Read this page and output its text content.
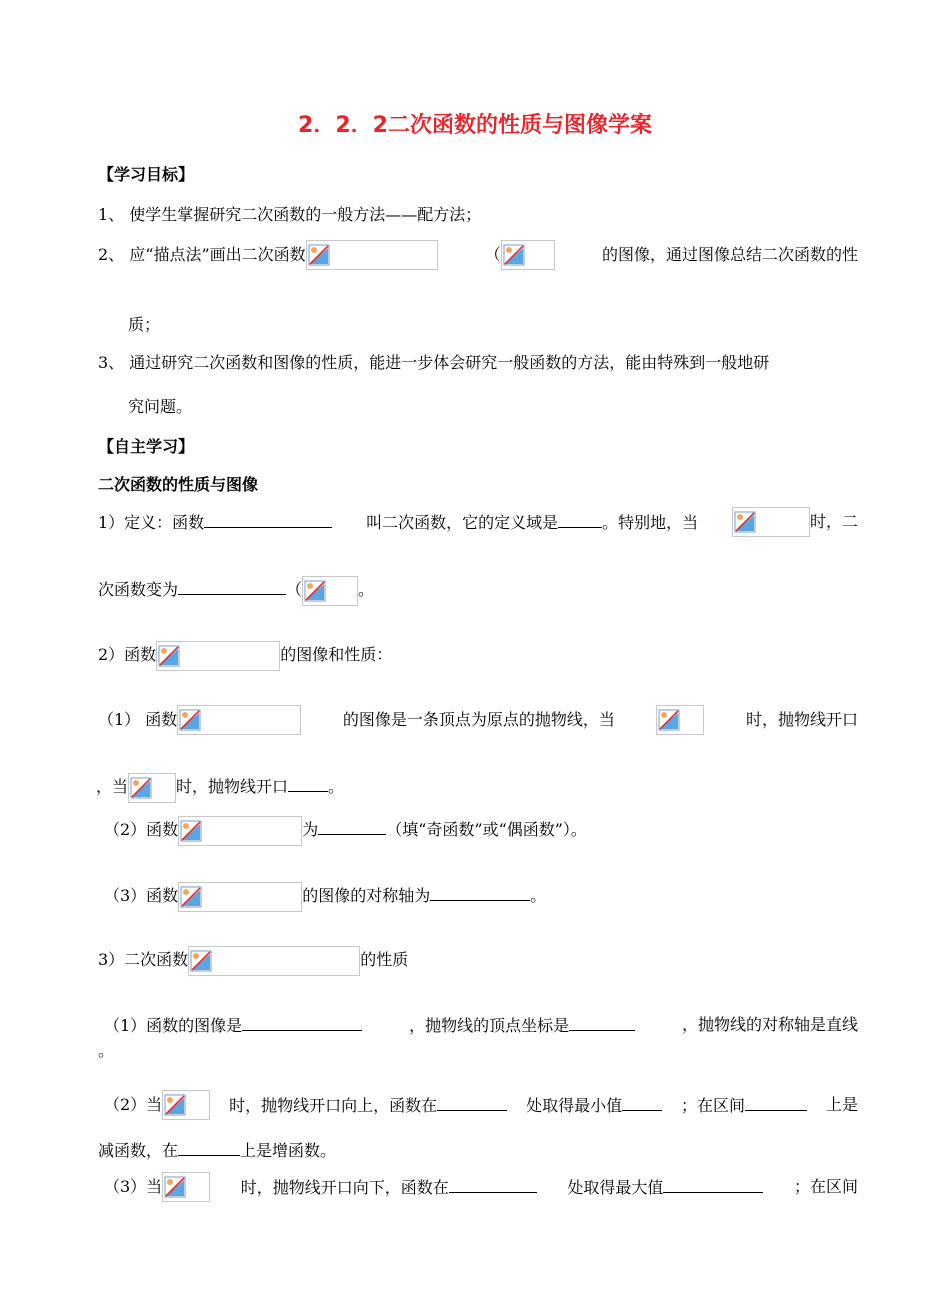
2．2．2二次函数的性质与图像学案
【学习目标】
1、 使学生掌握研究二次函数的一般方法——配方法；
2、 应“描点法”画出二次函数	（	的图像，通过图像总结二次函数的性
质；
3、 通过研究二次函数和图像的性质，能进一步体会研究一般函数的方法，能由特殊到一般地研
究问题。
【自主学习】
二次函数的性质与图像
1）定义：函数	叫二次函数，它的定义域是	。特别地，当	时，二
次函数变为	（	。
2）函数	的图像和性质：
（1） 函数	的图像是一条顶点为原点的抛物线，当	时，抛物线开口
，当	时，抛物线开口	。
（2）函数	为	（填“奇函数”或“偶函数”）。
（3）函数	的图像的对称轴为	。
3）二次函数	的性质
（1）函数的图像是	，抛物线的顶点坐标是	，抛物线的对称轴是直线
。
（2）当	时，抛物线开口向上，函数在	处取得最小值	；在区间	上是
减函数，在	上是增函数。
（3）当	时，抛物线开口向下，函数在	处取得最大值	；在区间
